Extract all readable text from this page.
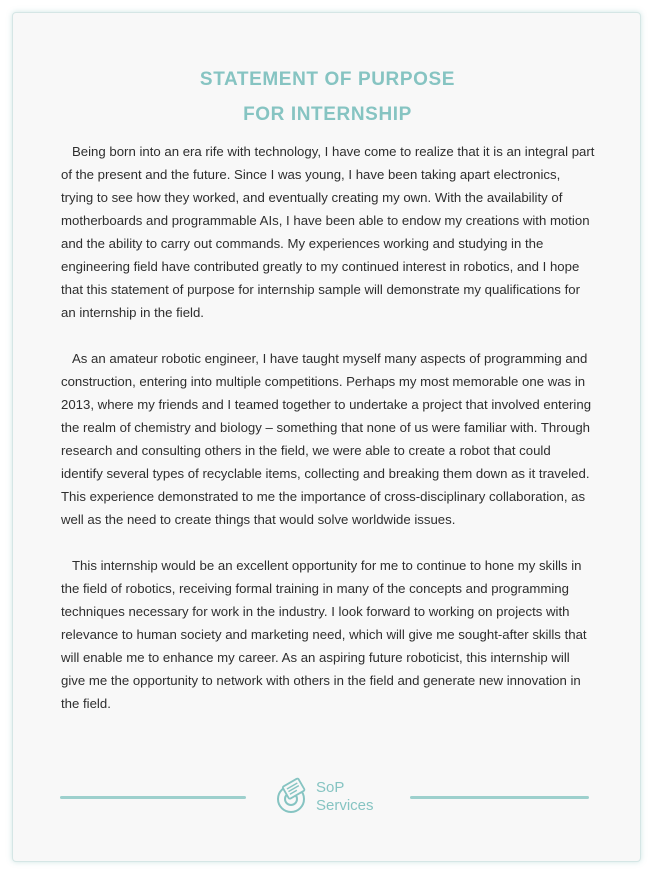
STATEMENT OF PURPOSE
FOR INTERNSHIP

Being born into an era rife with technology, I have come to realize that it is an integral part of the present and the future. Since I was young, I have been taking apart electronics, trying to see how they worked, and eventually creating my own. With the availability of motherboards and programmable AIs, I have been able to endow my creations with motion and the ability to carry out commands. My experiences working and studying in the engineering field have contributed greatly to my continued interest in robotics, and I hope that this statement of purpose for internship sample will demonstrate my qualifications for an internship in the field.

As an amateur robotic engineer, I have taught myself many aspects of programming and construction, entering into multiple competitions. Perhaps my most memorable one was in 2013, where my friends and I teamed together to undertake a project that involved entering the realm of chemistry and biology – something that none of us were familiar with. Through research and consulting others in the field, we were able to create a robot that could identify several types of recyclable items, collecting and breaking them down as it traveled. This experience demonstrated to me the importance of cross-disciplinary collaboration, as well as the need to create things that would solve worldwide issues.

This internship would be an excellent opportunity for me to continue to hone my skills in the field of robotics, receiving formal training in many of the concepts and programming techniques necessary for work in the industry. I look forward to working on projects with relevance to human society and marketing need, which will give me sought-after skills that will enable me to enhance my career. As an aspiring future roboticist, this internship will give me the opportunity to network with others in the field and generate new innovation in the field.

SoP
Services
